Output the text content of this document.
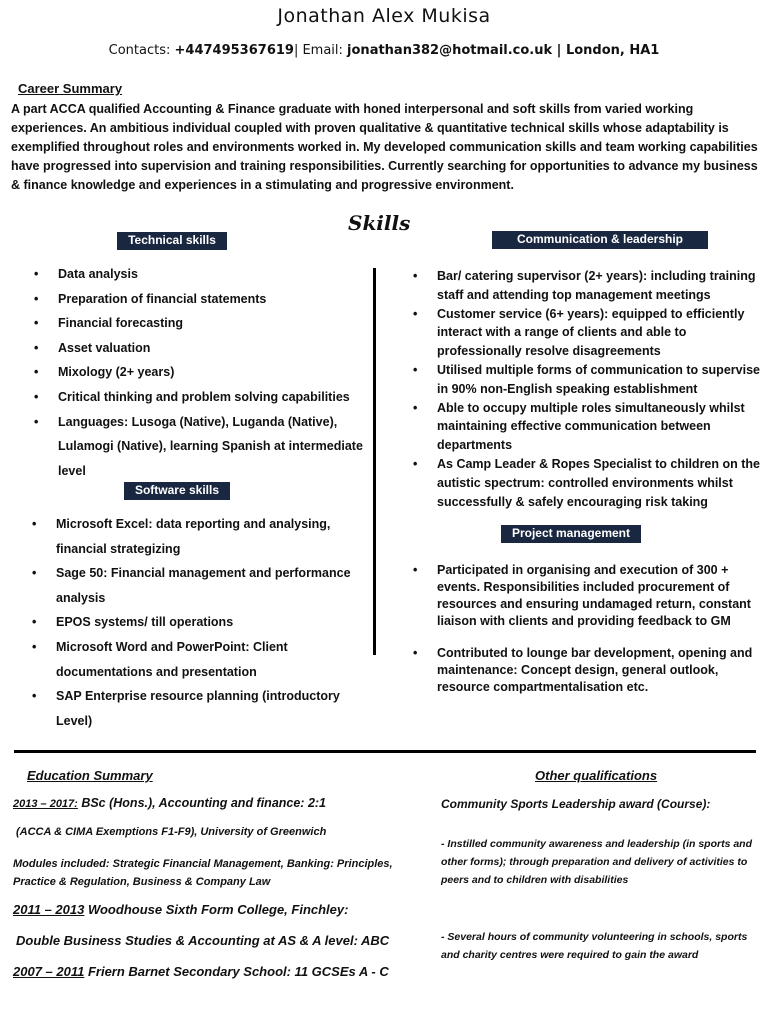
Jonathan Alex Mukisa
Contacts: +447495367619| Email: jonathan382@hotmail.co.uk | London, HA1
Career Summary
A part ACCA qualified Accounting & Finance graduate with honed interpersonal and soft skills from varied working experiences. An ambitious individual coupled with proven qualitative & quantitative technical skills whose adaptability is exemplified throughout roles and environments worked in. My developed communication skills and team working capabilities have progressed into supervision and training responsibilities. Currently searching for opportunities to advance my business & finance knowledge and experiences in a stimulating and progressive environment.
Skills
Technical skills
• Data analysis
• Preparation of financial statements
• Financial forecasting
• Asset valuation
• Mixology (2+ years)
• Critical thinking and problem solving capabilities
• Languages: Lusoga (Native), Luganda (Native), Lulamogi (Native), learning Spanish at intermediate level
Software skills
• Microsoft Excel: data reporting and analysing, financial strategizing
• Sage 50: Financial management and performance analysis
• EPOS systems/ till operations
• Microsoft Word and PowerPoint: Client documentations and presentation
• SAP Enterprise resource planning (introductory Level)
Communication & leadership
• Bar/ catering supervisor (2+ years): including training staff and attending top management meetings
• Customer service (6+ years): equipped to efficiently interact with a range of clients and able to professionally resolve disagreements
• Utilised multiple forms of communication to supervise in 90% non-English speaking establishment
• Able to occupy multiple roles simultaneously whilst maintaining effective communication between departments
• As Camp Leader & Ropes Specialist to children on the autistic spectrum: controlled environments whilst successfully & safely encouraging risk taking
Project management
• Participated in organising and execution of 300 + events. Responsibilities included procurement of resources and ensuring undamaged return, constant liaison with clients and providing feedback to GM
• Contributed to lounge bar development, opening and maintenance: Concept design, general outlook, resource compartmentalisation etc.
Education Summary	Other qualifications
2013 – 2017: BSc (Hons.), Accounting and finance: 2:1
(ACCA & CIMA Exemptions F1-F9), University of Greenwich
Modules included: Strategic Financial Management, Banking: Principles, Practice & Regulation, Business & Company Law
2011 – 2013 Woodhouse Sixth Form College, Finchley:
Double Business Studies & Accounting at AS & A level: ABC
2007 – 2011 Friern Barnet Secondary School: 11 GCSEs A - C
Community Sports Leadership award (Course):
- Instilled community awareness and leadership (in sports and other forms); through preparation and delivery of activities to peers and to children with disabilities
- Several hours of community volunteering in schools, sports and charity centres were required to gain the award
